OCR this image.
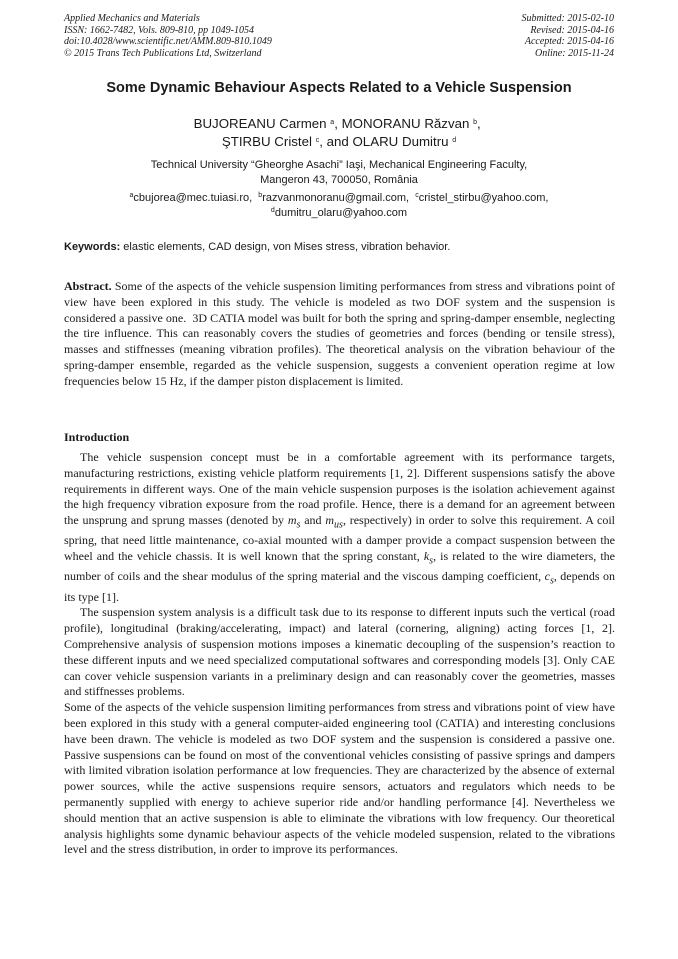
Applied Mechanics and Materials
ISSN: 1662-7482, Vols. 809-810, pp 1049-1054
doi:10.4028/www.scientific.net/AMM.809-810.1049
© 2015 Trans Tech Publications Ltd, Switzerland
Submitted: 2015-02-10
Revised: 2015-04-16
Accepted: 2015-04-16
Online: 2015-11-24
Some Dynamic Behaviour Aspects Related to a Vehicle Suspension
BUJOREANU Carmen $^a$, MONORANU Răzvan $^b$,
ŞTIRBU Cristel $^c$, and OLARU Dumitru $^d$
Technical University “Gheorghe Asachi” Iaşi, Mechanical Engineering Faculty,
Mangeron 43, 700050, România
$^a$cbujorea@mec.tuiasi.ro,  $^b$razvanmonoranu@gmail.com,  $^c$cristel_stirbu@yahoo.com,
$^d$dumitru_olaru@yahoo.com
Keywords: elastic elements, CAD design, von Mises stress, vibration behavior.
Abstract. Some of the aspects of the vehicle suspension limiting performances from stress and vibrations point of view have been explored in this study. The vehicle is modeled as two DOF system and the suspension is considered a passive one.  3D CATIA model was built for both the spring and spring-damper ensemble, neglecting the tire influence. This can reasonably covers the studies of geometries and forces (bending or tensile stress), masses and stiffnesses (meaning vibration profiles). The theoretical analysis on the vibration behaviour of the spring-damper ensemble, regarded as the vehicle suspension, suggests a convenient operation regime at low frequencies below 15 Hz, if the damper piston displacement is limited.
Introduction

The vehicle suspension concept must be in a comfortable agreement with its performance targets, manufacturing restrictions, existing vehicle platform requirements [1, 2]. Different suspensions satisfy the above requirements in different ways. One of the main vehicle suspension purposes is the isolation achievement against the high frequency vibration exposure from the road profile. Hence, there is a demand for an agreement between the unsprung and sprung masses (denoted by $m_s$ and $m_{us}$, respectively) in order to solve this requirement. A coil spring, that need little maintenance, co-axial mounted with a damper provide a compact suspension between the wheel and the vehicle chassis. It is well known that the spring constant, $k_s$, is related to the wire diameters, the number of coils and the shear modulus of the spring material and the viscous damping coefficient, $c_s$, depends on its type [1].

The suspension system analysis is a difficult task due to its response to different inputs such the vertical (road profile), longitudinal (braking/accelerating, impact) and lateral (cornering, aligning) acting forces [1, 2]. Comprehensive analysis of suspension motions imposes a kinematic decoupling of the suspension’s reaction to these different inputs and we need specialized computational softwares and corresponding models [3]. Only CAE can cover vehicle suspension variants in a preliminary design and can reasonably cover the geometries, masses and stiffnesses problems.

Some of the aspects of the vehicle suspension limiting performances from stress and vibrations point of view have been explored in this study with a general computer-aided engineering tool (CATIA) and interesting conclusions have been drawn. The vehicle is modeled as two DOF system and the suspension is considered a passive one. Passive suspensions can be found on most of the conventional vehicles consisting of passive springs and dampers with limited vibration isolation performance at low frequencies. They are characterized by the absence of external power sources, while the active suspensions require sensors, actuators and regulators which needs to be permanently supplied with energy to achieve superior ride and/or handling performance [4]. Nevertheless we should mention that an active suspension is able to eliminate the vibrations with low frequency. Our theoretical analysis highlights some dynamic behaviour aspects of the vehicle modeled suspension, related to the vibrations level and the stress distribution, in order to improve its performances.
